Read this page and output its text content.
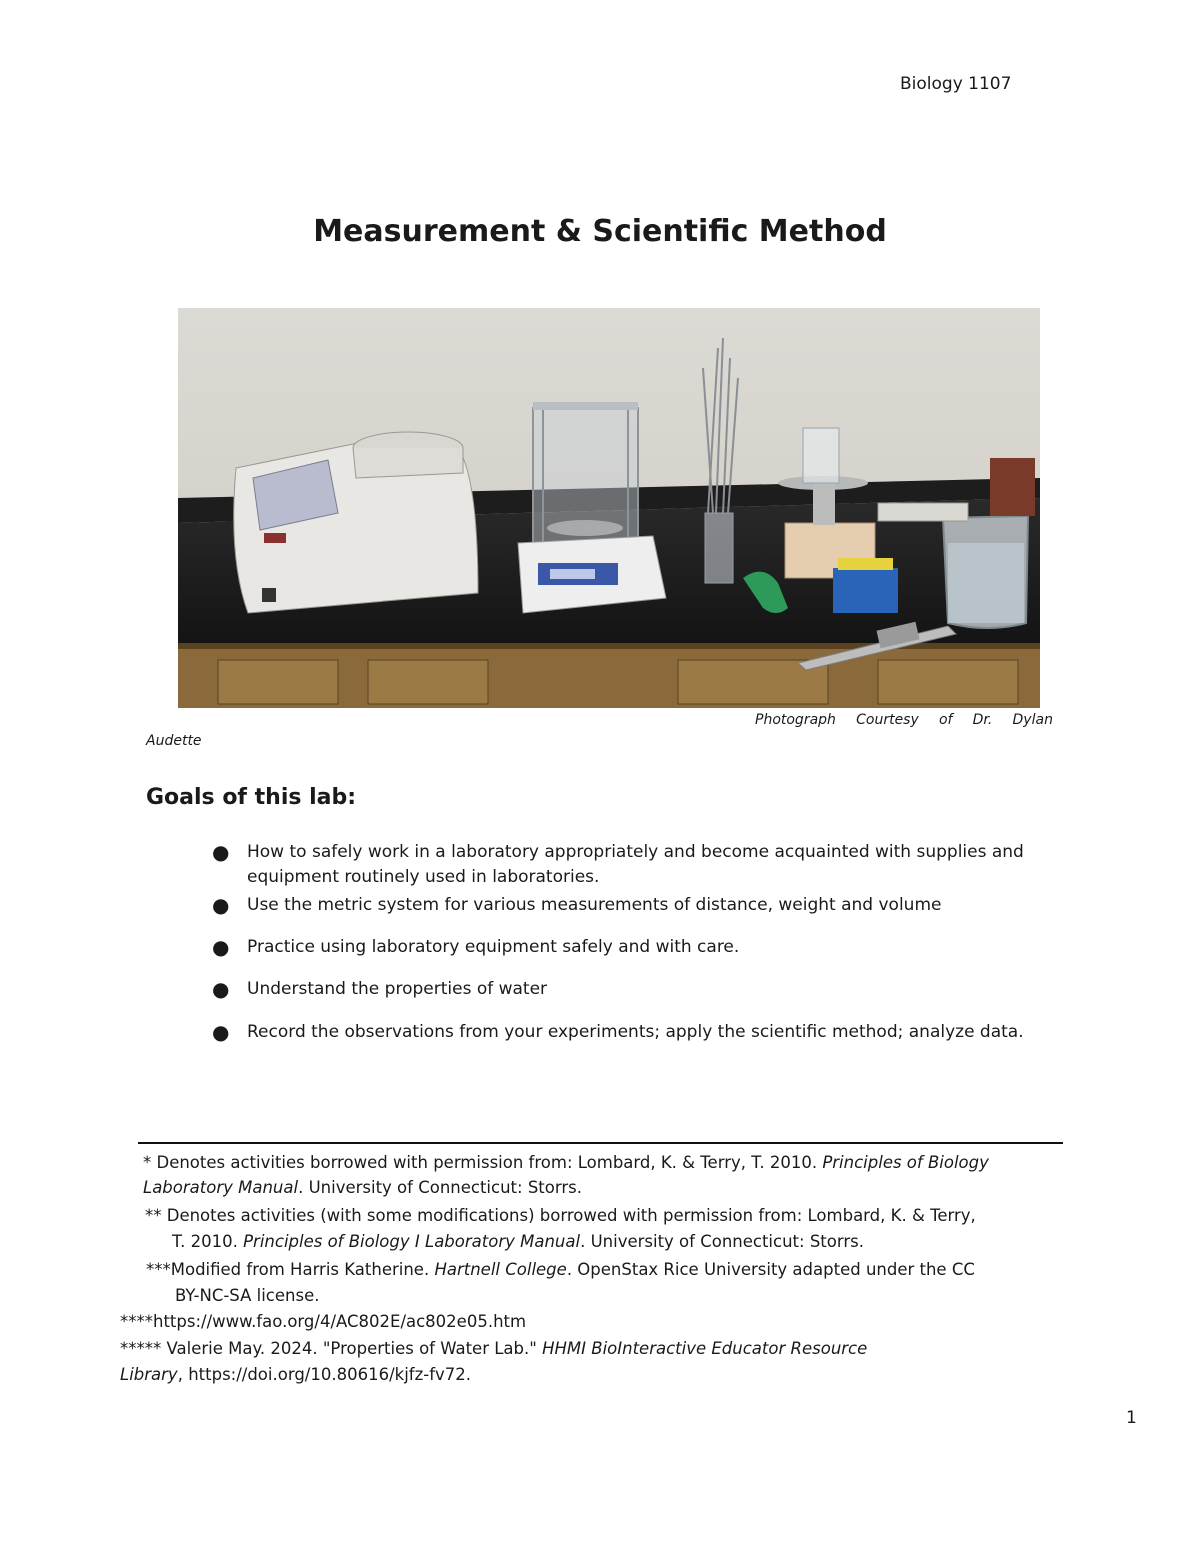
Biology 1107
Measurement & Scientific Method
Photograph Courtesy of Dr. Dylan
Audette
Goals of this lab:
● How to safely work in a laboratory appropriately and become acquainted with supplies and
equipment routinely used in laboratories.
● Use the metric system for various measurements of distance, weight and volume
● Practice using laboratory equipment safely and with care.
● Understand the properties of water
● Record the observations from your experiments; apply the scientific method; analyze data.
* Denotes activities borrowed with permission from: Lombard, K. & Terry, T. 2010. Principles of Biology
Laboratory Manual. University of Connecticut: Storrs.
** Denotes activities (with some modifications) borrowed with permission from: Lombard, K. & Terry,
T. 2010. Principles of Biology I Laboratory Manual. University of Connecticut: Storrs.
***Modified from Harris Katherine. Hartnell College. OpenStax Rice University adapted under the CC
BY-NC-SA license.
****https://www.fao.org/4/AC802E/ac802e05.htm
***** Valerie May. 2024. "Properties of Water Lab." HHMI BioInteractive Educator Resource
Library, https://doi.org/10.80616/kjfz-fv72.
1
